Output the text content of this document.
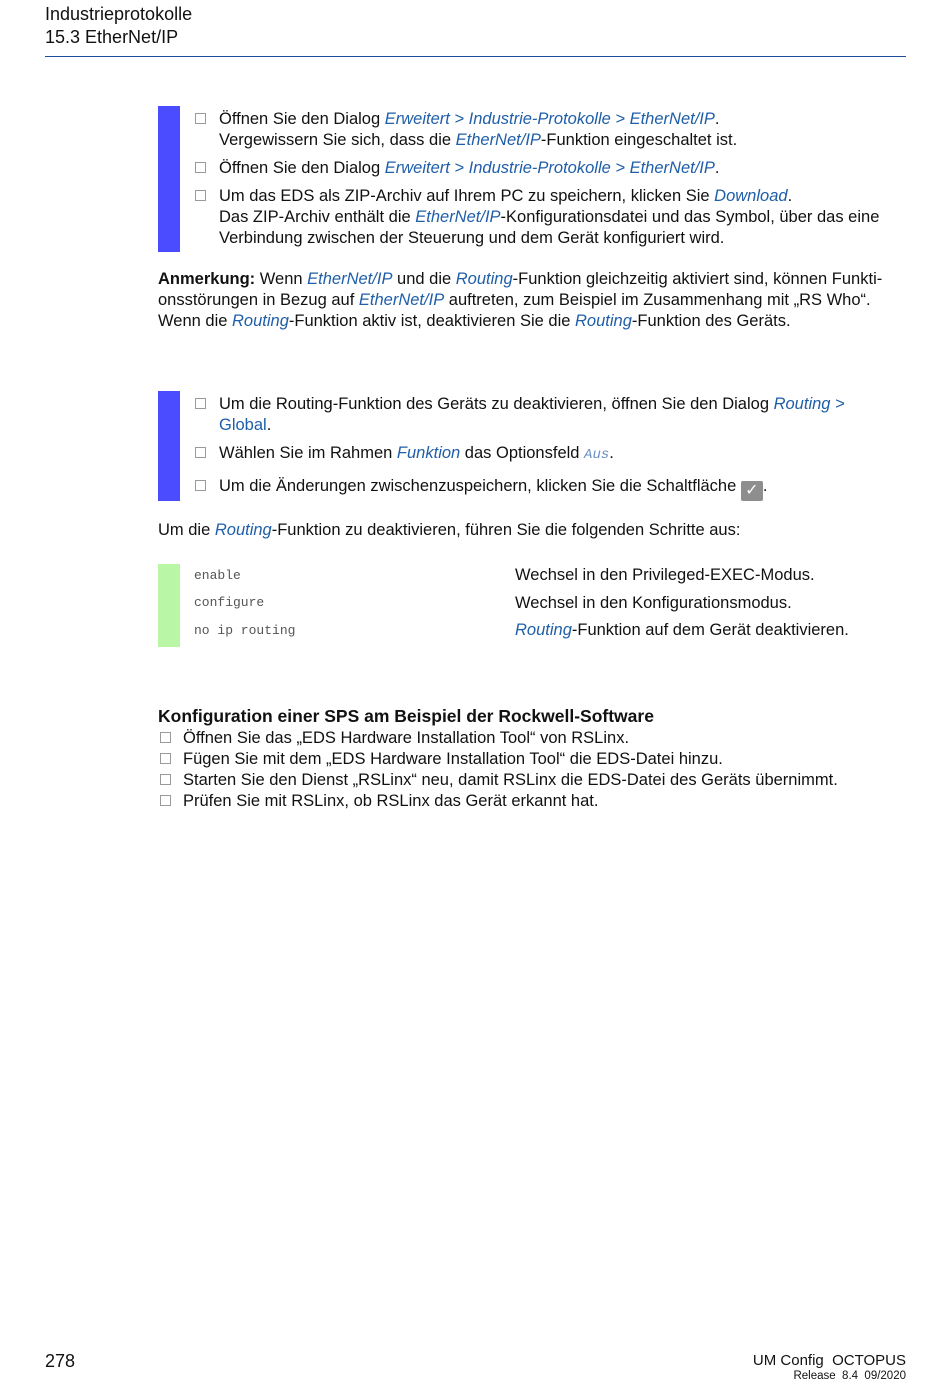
Industrieprotokolle
15.3 EtherNet/IP
Öffnen Sie den Dialog Erweitert > Industrie-Protokolle > EtherNet/IP.
Vergewissern Sie sich, dass die EtherNet/IP-Funktion eingeschaltet ist.
Öffnen Sie den Dialog Erweitert > Industrie-Protokolle > EtherNet/IP.
Um das EDS als ZIP-Archiv auf Ihrem PC zu speichern, klicken Sie Download.
Das ZIP-Archiv enthält die EtherNet/IP-Konfigurationsdatei und das Symbol, über das eine
Verbindung zwischen der Steuerung und dem Gerät konfiguriert wird.
Anmerkung: Wenn EtherNet/IP und die Routing-Funktion gleichzeitig aktiviert sind, können Funkti-
onsstörungen in Bezug auf EtherNet/IP auftreten, zum Beispiel im Zusammenhang mit „RS Who“.
Wenn die Routing-Funktion aktiv ist, deaktivieren Sie die Routing-Funktion des Geräts.
Um die Routing-Funktion des Geräts zu deaktivieren, öffnen Sie den Dialog Routing >
Global.
Wählen Sie im Rahmen Funktion das Optionsfeld Aus.
Um die Änderungen zwischenzuspeichern, klicken Sie die Schaltfläche ✓ .
Um die Routing-Funktion zu deaktivieren, führen Sie die folgenden Schritte aus:
enable	Wechsel in den Privileged-EXEC-Modus.
configure	Wechsel in den Konfigurationsmodus.
no ip routing	Routing-Funktion auf dem Gerät deaktivieren.
Konfiguration einer SPS am Beispiel der Rockwell-Software
Öffnen Sie das „EDS Hardware Installation Tool“ von RSLinx.
Fügen Sie mit dem „EDS Hardware Installation Tool“ die EDS-Datei hinzu.
Starten Sie den Dienst „RSLinx“ neu, damit RSLinx die EDS-Datei des Geräts übernimmt.
Prüfen Sie mit RSLinx, ob RSLinx das Gerät erkannt hat.
278	UM Config  OCTOPUS
Release  8.4  09/2020
